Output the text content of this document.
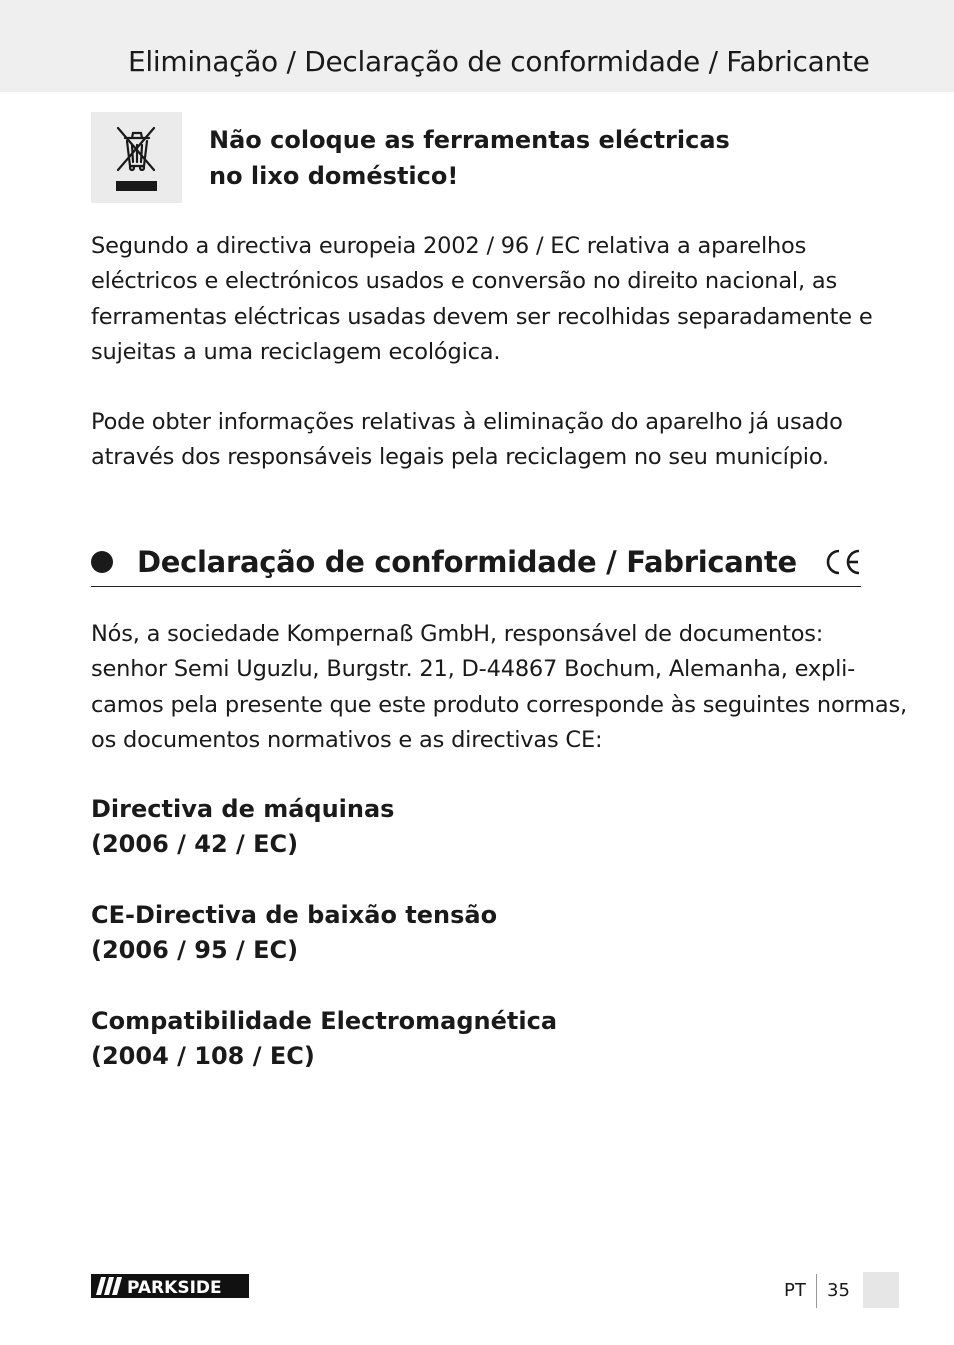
Eliminação / Declaração de conformidade / Fabricante
Não coloque as ferramentas eléctricas
no lixo doméstico!
Segundo a directiva europeia 2002 / 96 / EC relativa a aparelhos
eléctricos e electrónicos usados e conversão no direito nacional, as
ferramentas eléctricas usadas devem ser recolhidas separadamente e
sujeitas a uma reciclagem ecológica.
Pode obter informações relativas à eliminação do aparelho já usado
através dos responsáveis legais pela reciclagem no seu município.
Declaração de conformidade / Fabricante
Nós, a sociedade Kompernaß GmbH, responsável de documentos:
senhor Semi Uguzlu, Burgstr. 21, D-44867 Bochum, Alemanha, expli-
camos pela presente que este produto corresponde às seguintes normas,
os documentos normativos e as directivas CE:
Directiva de máquinas
(2006 / 42 / EC)
CE-Directiva de baixão tensão
(2006 / 95 / EC)
Compatibilidade Electromagnética
(2004 / 108 / EC)
PARKSIDE	PT 35
